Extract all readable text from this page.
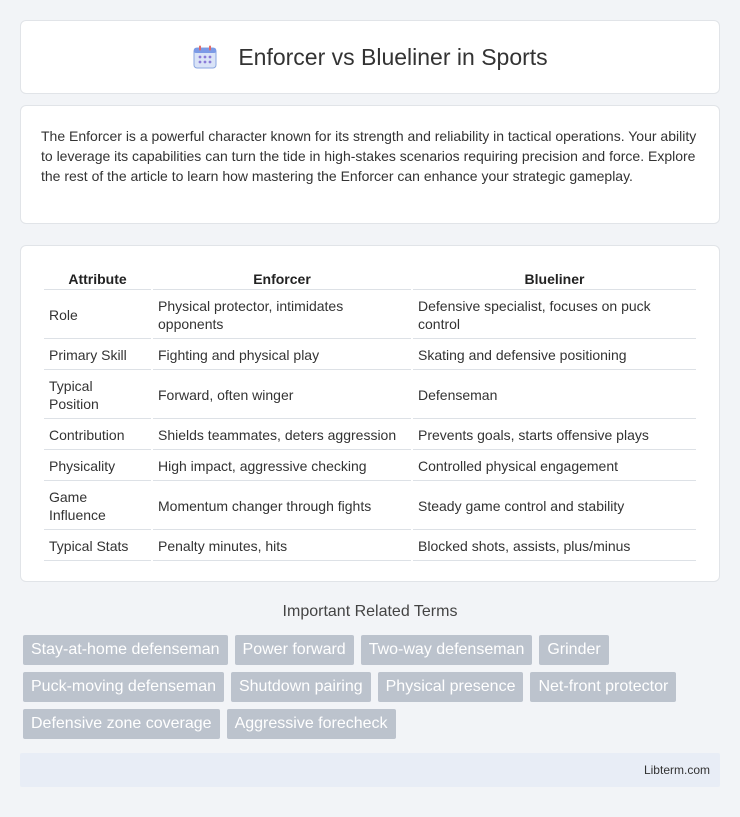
Enforcer vs Blueliner in Sports

The Enforcer is a powerful character known for its strength and reliability in tactical operations. Your ability to leverage its capabilities can turn the tide in high-stakes scenarios requiring precision and force. Explore the rest of the article to learn how mastering the Enforcer can enhance your strategic gameplay.

Attribute	Enforcer	Blueliner
Role	Physical protector, intimidates opponents	Defensive specialist, focuses on puck control
Primary Skill	Fighting and physical play	Skating and defensive positioning
Typical Position	Forward, often winger	Defenseman
Contribution	Shields teammates, deters aggression	Prevents goals, starts offensive plays
Physicality	High impact, aggressive checking	Controlled physical engagement
Game Influence	Momentum changer through fights	Steady game control and stability
Typical Stats	Penalty minutes, hits	Blocked shots, assists, plus/minus
Important Related Terms
Stay-at-home defenseman	Power forward	Two-way defenseman	Grinder
Puck-moving defenseman	Shutdown pairing	Physical presence	Net-front protector
Defensive zone coverage	Aggressive forecheck
Libterm.com
